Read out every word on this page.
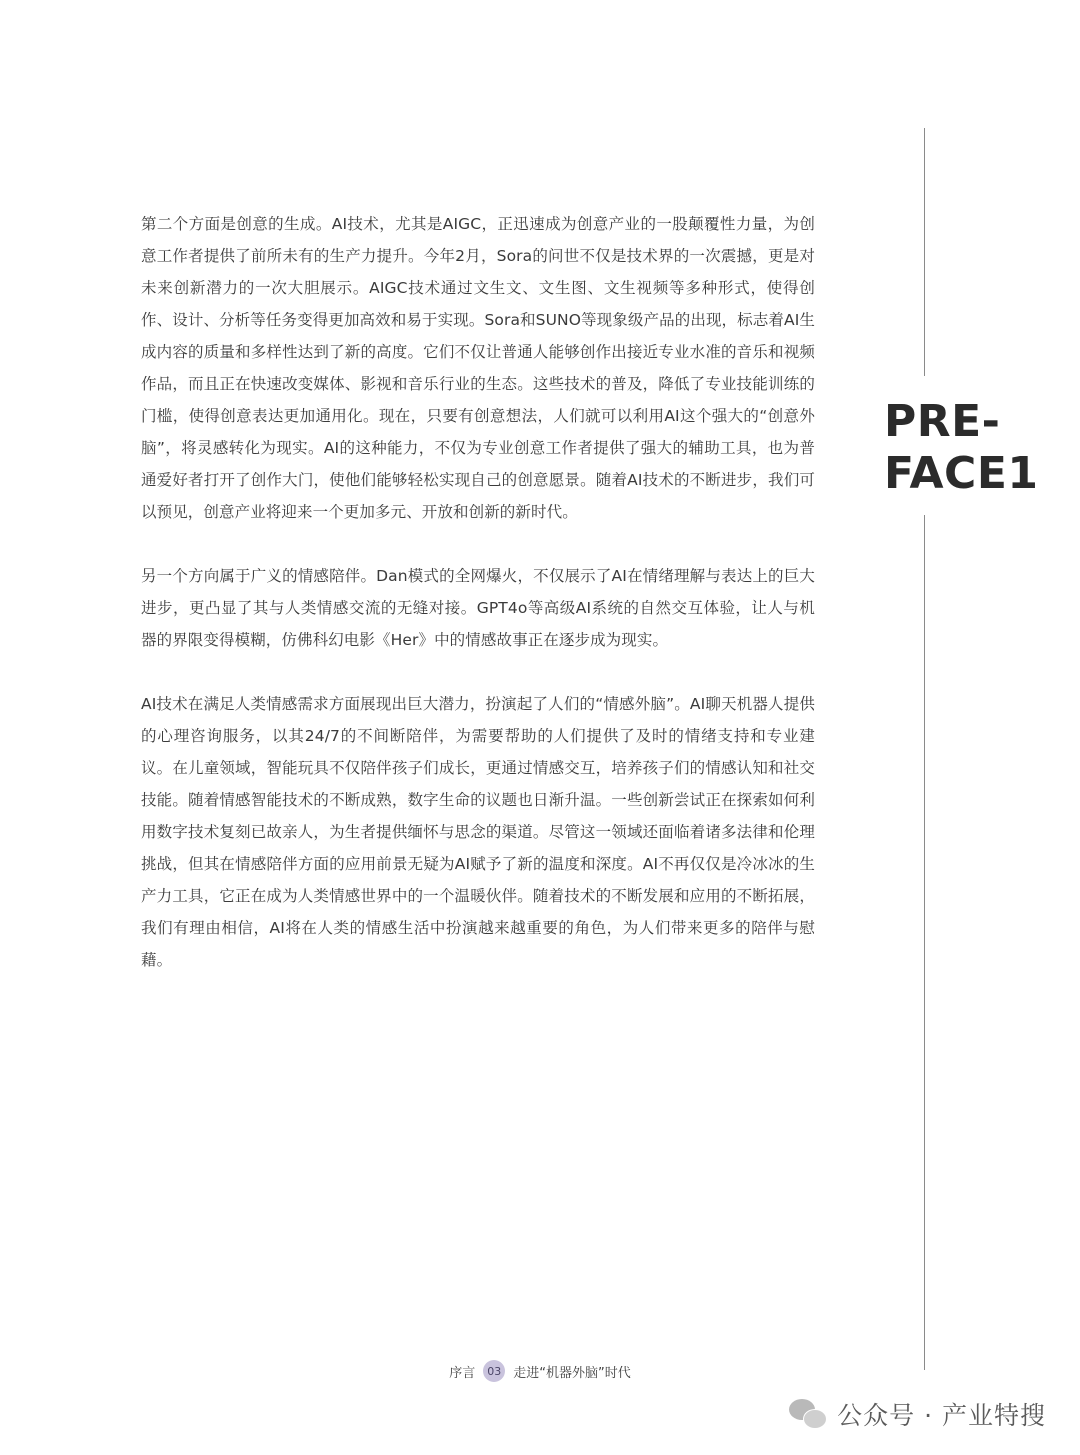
第二个方面是创意的生成。AI技术，尤其是AIGC，正迅速成为创意产业的一股颠覆性力量，为创意工作者提供了前所未有的生产力提升。今年2月，Sora的问世不仅是技术界的一次震撼，更是对未来创新潜力的一次大胆展示。AIGC技术通过文生文、文生图、文生视频等多种形式，使得创作、设计、分析等任务变得更加高效和易于实现。Sora和SUNO等现象级产品的出现，标志着AI生成内容的质量和多样性达到了新的高度。它们不仅让普通人能够创作出接近专业水准的音乐和视频作品，而且正在快速改变媒体、影视和音乐行业的生态。这些技术的普及，降低了专业技能训练的门槛，使得创意表达更加通用化。现在，只要有创意想法，人们就可以利用AI这个强大的“创意外脑”，将灵感转化为现实。AI的这种能力，不仅为专业创意工作者提供了强大的辅助工具，也为普通爱好者打开了创作大门，使他们能够轻松实现自己的创意愿景。随着AI技术的不断进步，我们可以预见，创意产业将迎来一个更加多元、开放和创新的新时代。

另一个方向属于广义的情感陪伴。Dan模式的全网爆火，不仅展示了AI在情绪理解与表达上的巨大进步，更凸显了其与人类情感交流的无缝对接。GPT4o等高级AI系统的自然交互体验，让人与机器的界限变得模糊，仿佛科幻电影《Her》中的情感故事正在逐步成为现实。

AI技术在满足人类情感需求方面展现出巨大潜力，扮演起了人们的“情感外脑”。AI聊天机器人提供的心理咨询服务，以其24/7的不间断陪伴，为需要帮助的人们提供了及时的情绪支持和专业建议。在儿童领域，智能玩具不仅陪伴孩子们成长，更通过情感交互，培养孩子们的情感认知和社交技能。随着情感智能技术的不断成熟，数字生命的议题也日渐升温。一些创新尝试正在探索如何利用数字技术复刻已故亲人，为生者提供缅怀与思念的渠道。尽管这一领域还面临着诸多法律和伦理挑战，但其在情感陪伴方面的应用前景无疑为AI赋予了新的温度和深度。AI不再仅仅是冷冰冰的生产力工具，它正在成为人类情感世界中的一个温暖伙伴。随着技术的不断发展和应用的不断拓展，我们有理由相信，AI将在人类的情感生活中扮演越来越重要的角色，为人们带来更多的陪伴与慰藉。

PRE-
FACE1
序言	03 走进“机器外脑”时代
公众号 · 产业特搜
